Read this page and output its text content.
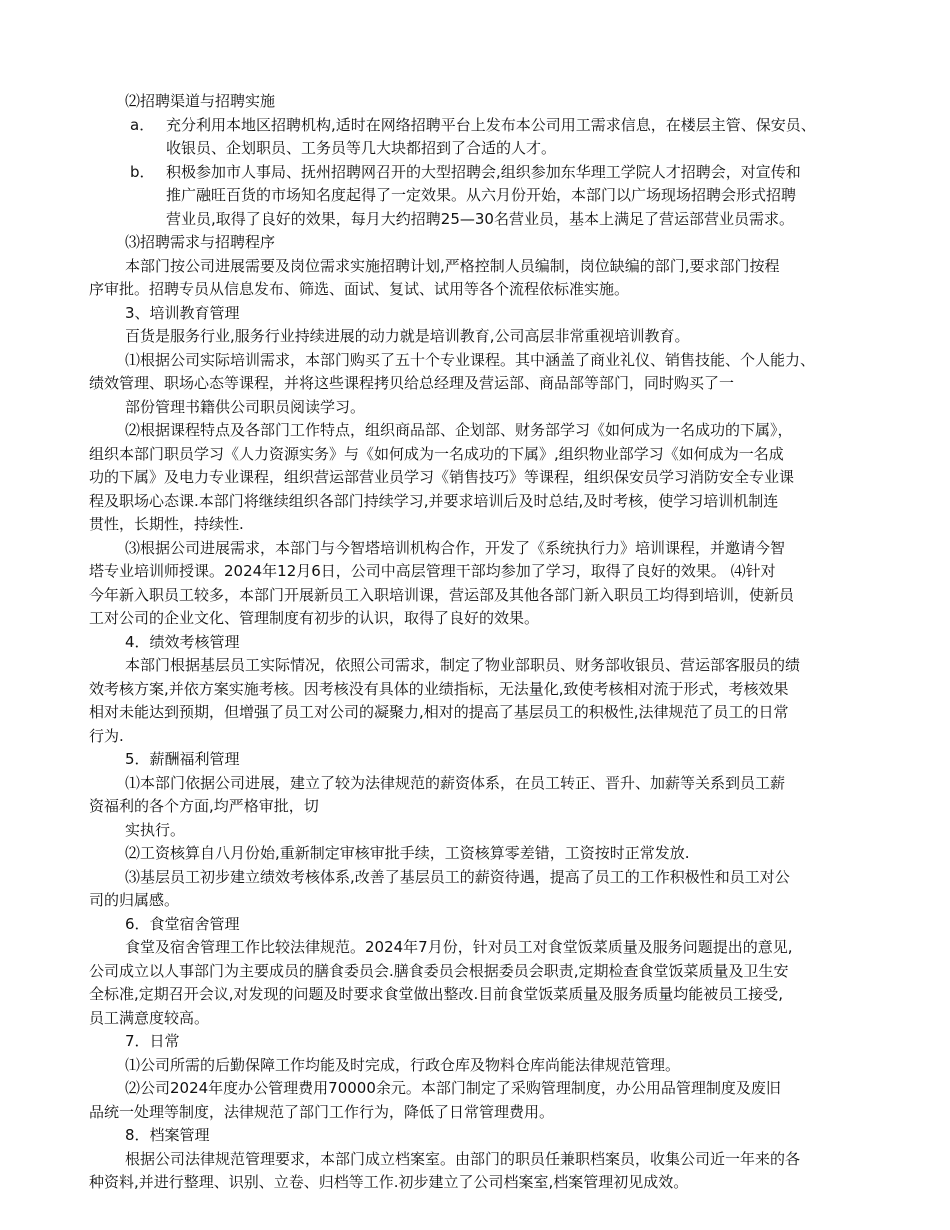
⑵招聘渠道与招聘实施
a． 充分利用本地区招聘机构,适时在网络招聘平台上发布本公司用工需求信息，在楼层主管、保安员、
收银员、企划职员、工务员等几大块都招到了合适的人才。
b． 积极参加市人事局、抚州招聘网召开的大型招聘会,组织参加东华理工学院人才招聘会，对宣传和
推广融旺百货的市场知名度起得了一定效果。从六月份开始，本部门以广场现场招聘会形式招聘
营业员,取得了良好的效果，每月大约招聘25—30名营业员，基本上满足了营运部营业员需求。
⑶招聘需求与招聘程序
本部门按公司进展需要及岗位需求实施招聘计划,严格控制人员编制，岗位缺编的部门,要求部门按程
序审批。招聘专员从信息发布、筛选、面试、复试、试用等各个流程依标准实施。
3、培训教育管理
百货是服务行业,服务行业持续进展的动力就是培训教育,公司高层非常重视培训教育。
⑴根据公司实际培训需求，本部门购买了五十个专业课程。其中涵盖了商业礼仪、销售技能、个人能力、
绩效管理、职场心态等课程，并将这些课程拷贝给总经理及营运部、商品部等部门，同时购买了一
部份管理书籍供公司职员阅读学习。
⑵根据课程特点及各部门工作特点，组织商品部、企划部、财务部学习《如何成为一名成功的下属》，
组织本部门职员学习《人力资源实务》与《如何成为一名成功的下属》,组织物业部学习《如何成为一名成
功的下属》及电力专业课程，组织营运部营业员学习《销售技巧》等课程，组织保安员学习消防安全专业课
程及职场心态课.本部门将继续组织各部门持续学习,并要求培训后及时总结,及时考核，使学习培训机制连
贯性，长期性，持续性.
⑶根据公司进展需求，本部门与今智塔培训机构合作，开发了《系统执行力》培训课程，并邀请今智
塔专业培训师授课。2024年12月6日，公司中高层管理干部均参加了学习，取得了良好的效果。 ⑷针对
今年新入职员工较多，本部门开展新员工入职培训课，营运部及其他各部门新入职员工均得到培训，使新员
工对公司的企业文化、管理制度有初步的认识，取得了良好的效果。
4．绩效考核管理
本部门根据基层员工实际情况，依照公司需求，制定了物业部职员、财务部收银员、营运部客服员的绩
效考核方案,并依方案实施考核。因考核没有具体的业绩指标，无法量化,致使考核相对流于形式，考核效果
相对未能达到预期，但增强了员工对公司的凝聚力,相对的提高了基层员工的积极性,法律规范了员工的日常
行为.
5．薪酬福利管理
⑴本部门依据公司进展，建立了较为法律规范的薪资体系，在员工转正、晋升、加薪等关系到员工薪
资福利的各个方面,均严格审批，切
实执行。
⑵工资核算自八月份始,重新制定审核审批手续，工资核算零差错，工资按时正常发放.
⑶基层员工初步建立绩效考核体系,改善了基层员工的薪资待遇，提高了员工的工作积极性和员工对公
司的归属感。
6．食堂宿舍管理
食堂及宿舍管理工作比较法律规范。2024年7月份，针对员工对食堂饭菜质量及服务问题提出的意见,
公司成立以人事部门为主要成员的膳食委员会.膳食委员会根据委员会职责,定期检查食堂饭菜质量及卫生安
全标准,定期召开会议,对发现的问题及时要求食堂做出整改.目前食堂饭菜质量及服务质量均能被员工接受,
员工满意度较高。
7．日常
⑴公司所需的后勤保障工作均能及时完成，行政仓库及物料仓库尚能法律规范管理。
⑵公司2024年度办公管理费用70000余元。本部门制定了采购管理制度，办公用品管理制度及废旧
品统一处理等制度，法律规范了部门工作行为，降低了日常管理费用。
8．档案管理
根据公司法律规范管理要求，本部门成立档案室。由部门的职员任兼职档案员，收集公司近一年来的各
种资料,并进行整理、识别、立卷、归档等工作.初步建立了公司档案室,档案管理初见成效。
